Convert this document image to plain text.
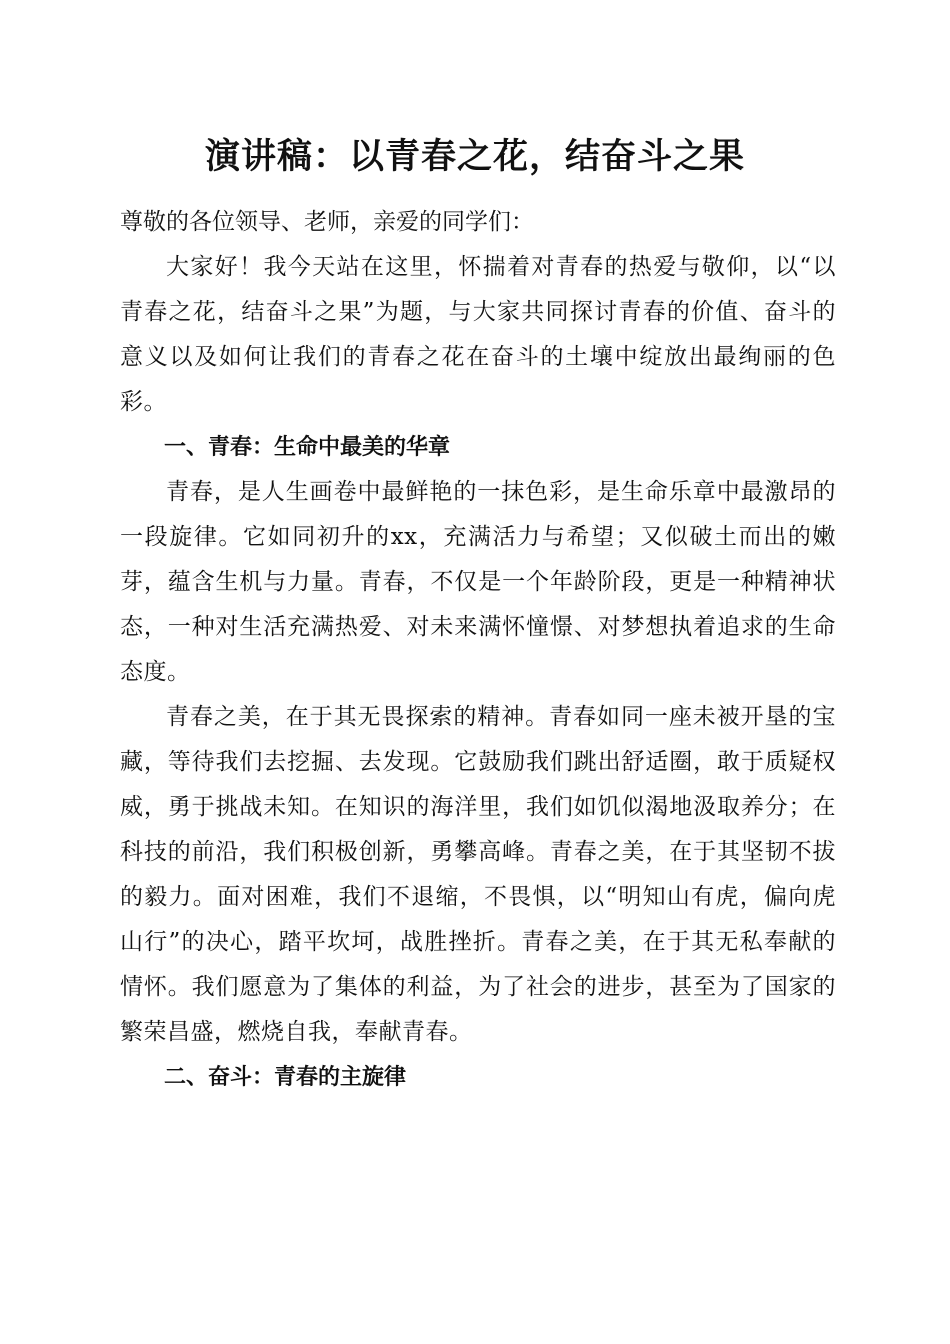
演讲稿：以青春之花，结奋斗之果

尊敬的各位领导、老师，亲爱的同学们：

大家好！我今天站在这里，怀揣着对青春的热爱与敬仰，以“以青春之花，结奋斗之果”为题，与大家共同探讨青春的价值、奋斗的意义以及如何让我们的青春之花在奋斗的土壤中绽放出最绚丽的色彩。

一、青春：生命中最美的华章

青春，是人生画卷中最鲜艳的一抹色彩，是生命乐章中最激昂的一段旋律。它如同初升的xx，充满活力与希望；又似破土而出的嫩芽，蕴含生机与力量。青春，不仅是一个年龄阶段，更是一种精神状态，一种对生活充满热爱、对未来满怀憧憬、对梦想执着追求的生命态度。

青春之美，在于其无畏探索的精神。青春如同一座未被开垦的宝藏，等待我们去挖掘、去发现。它鼓励我们跳出舒适圈，敢于质疑权威，勇于挑战未知。在知识的海洋里，我们如饥似渴地汲取养分；在科技的前沿，我们积极创新，勇攀高峰。青春之美，在于其坚韧不拔的毅力。面对困难，我们不退缩，不畏惧，以“明知山有虎，偏向虎山行”的决心，踏平坎坷，战胜挫折。青春之美，在于其无私奉献的情怀。我们愿意为了集体的利益，为了社会的进步，甚至为了国家的繁荣昌盛，燃烧自我，奉献青春。

二、奋斗：青春的主旋律
